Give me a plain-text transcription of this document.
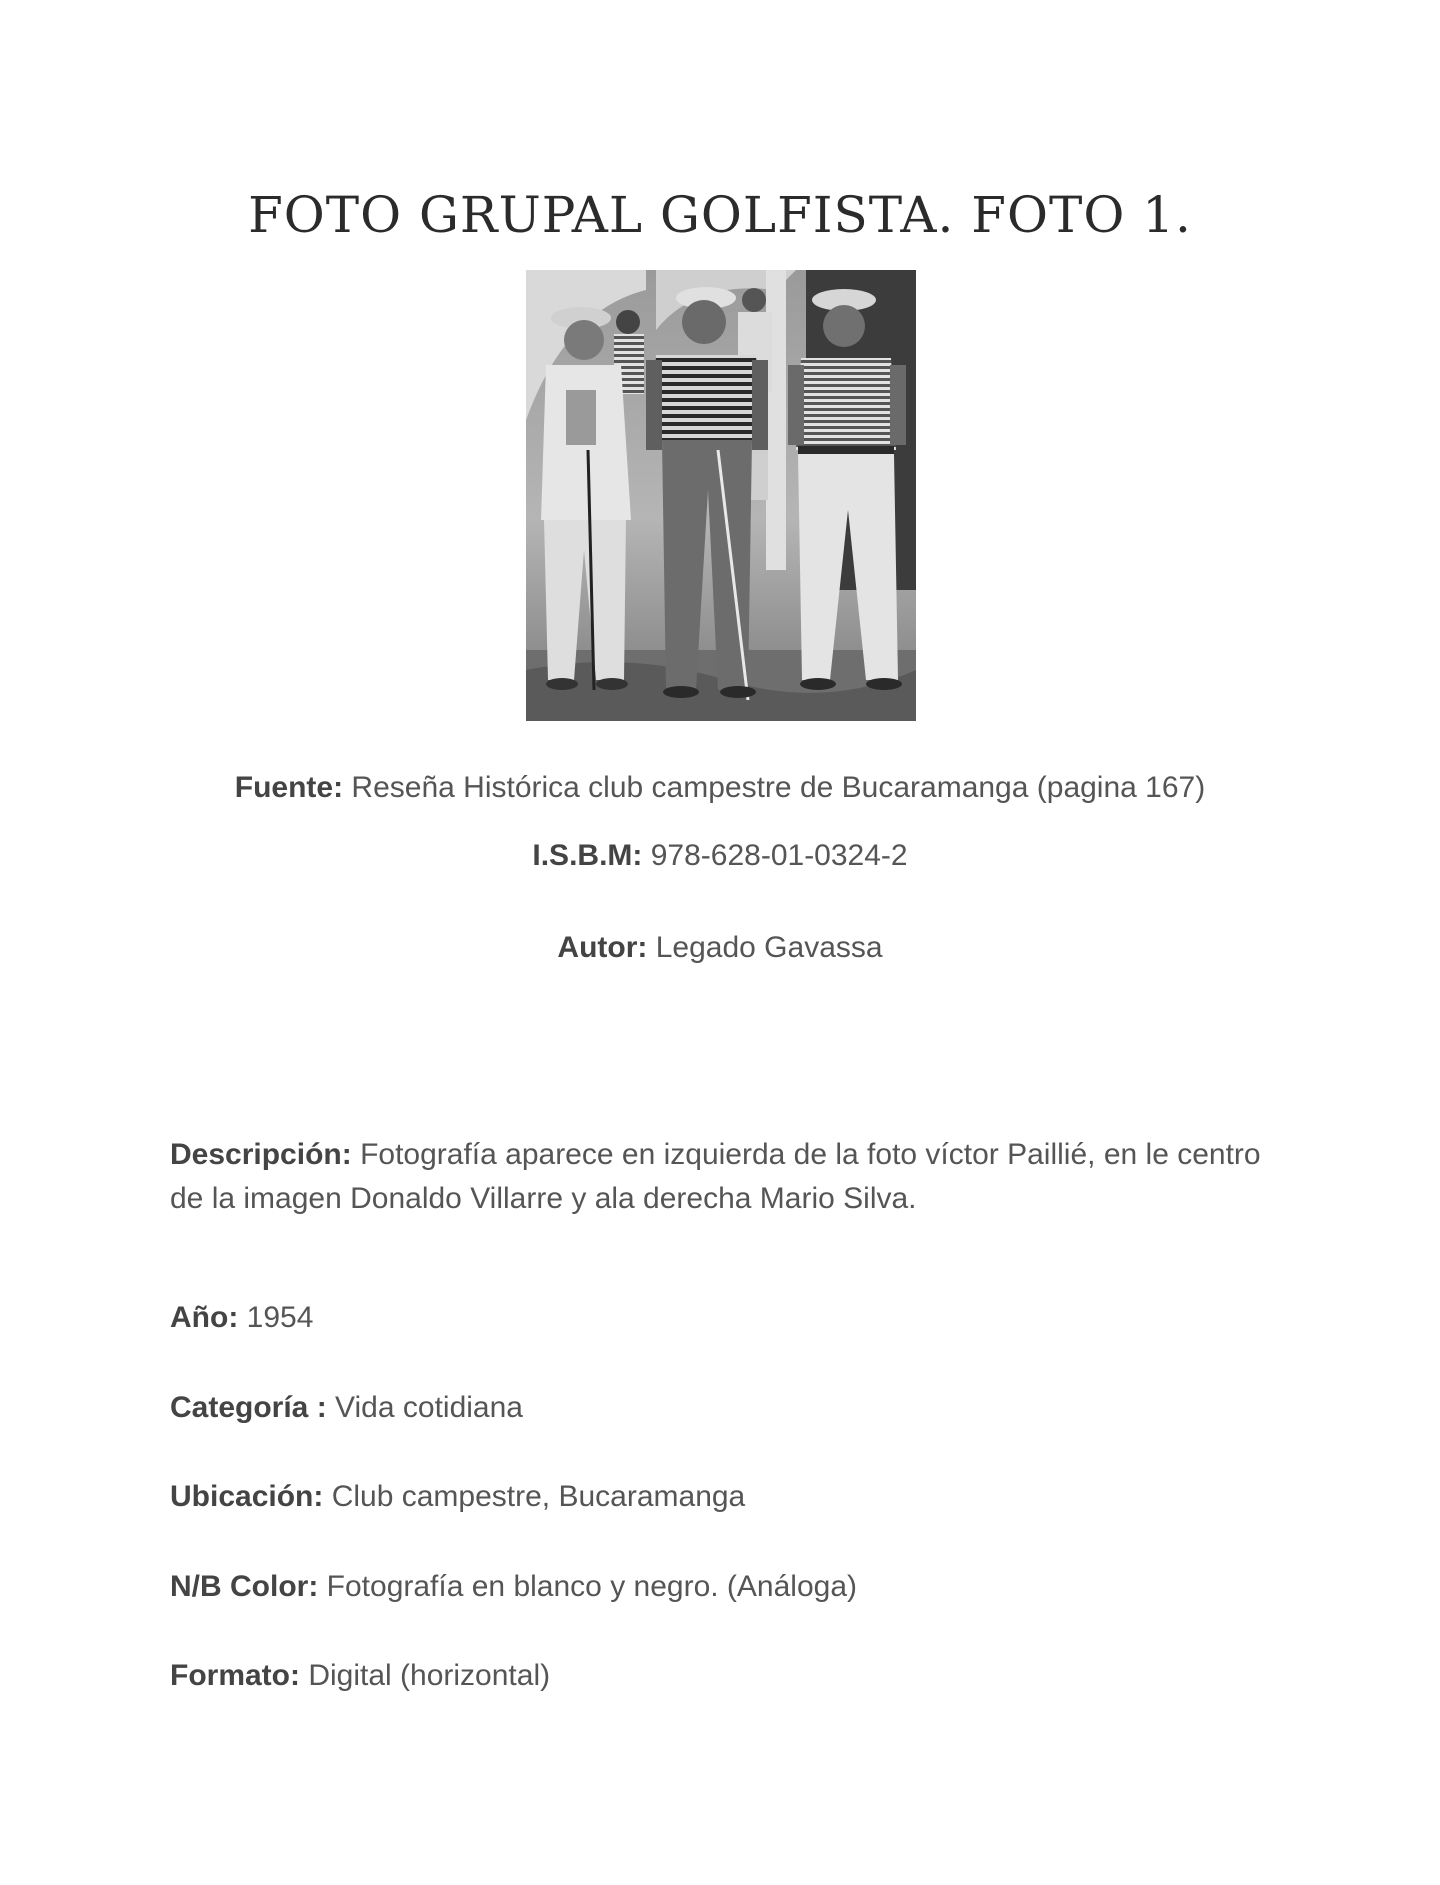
FOTO GRUPAL GOLFISTA. FOTO 1.
Fuente: Reseña Histórica club campestre de Bucaramanga (pagina 167)
I.S.B.M: 978-628-01-0324-2
Autor: Legado Gavassa
Descripción: Fotografía aparece en izquierda de la foto víctor Paillié, en le centro de la imagen Donaldo Villarre y ala derecha Mario Silva.
Año: 1954
Categoría : Vida cotidiana
Ubicación: Club campestre, Bucaramanga
N/B Color: Fotografía en blanco y negro. (Análoga)
Formato: Digital (horizontal)
